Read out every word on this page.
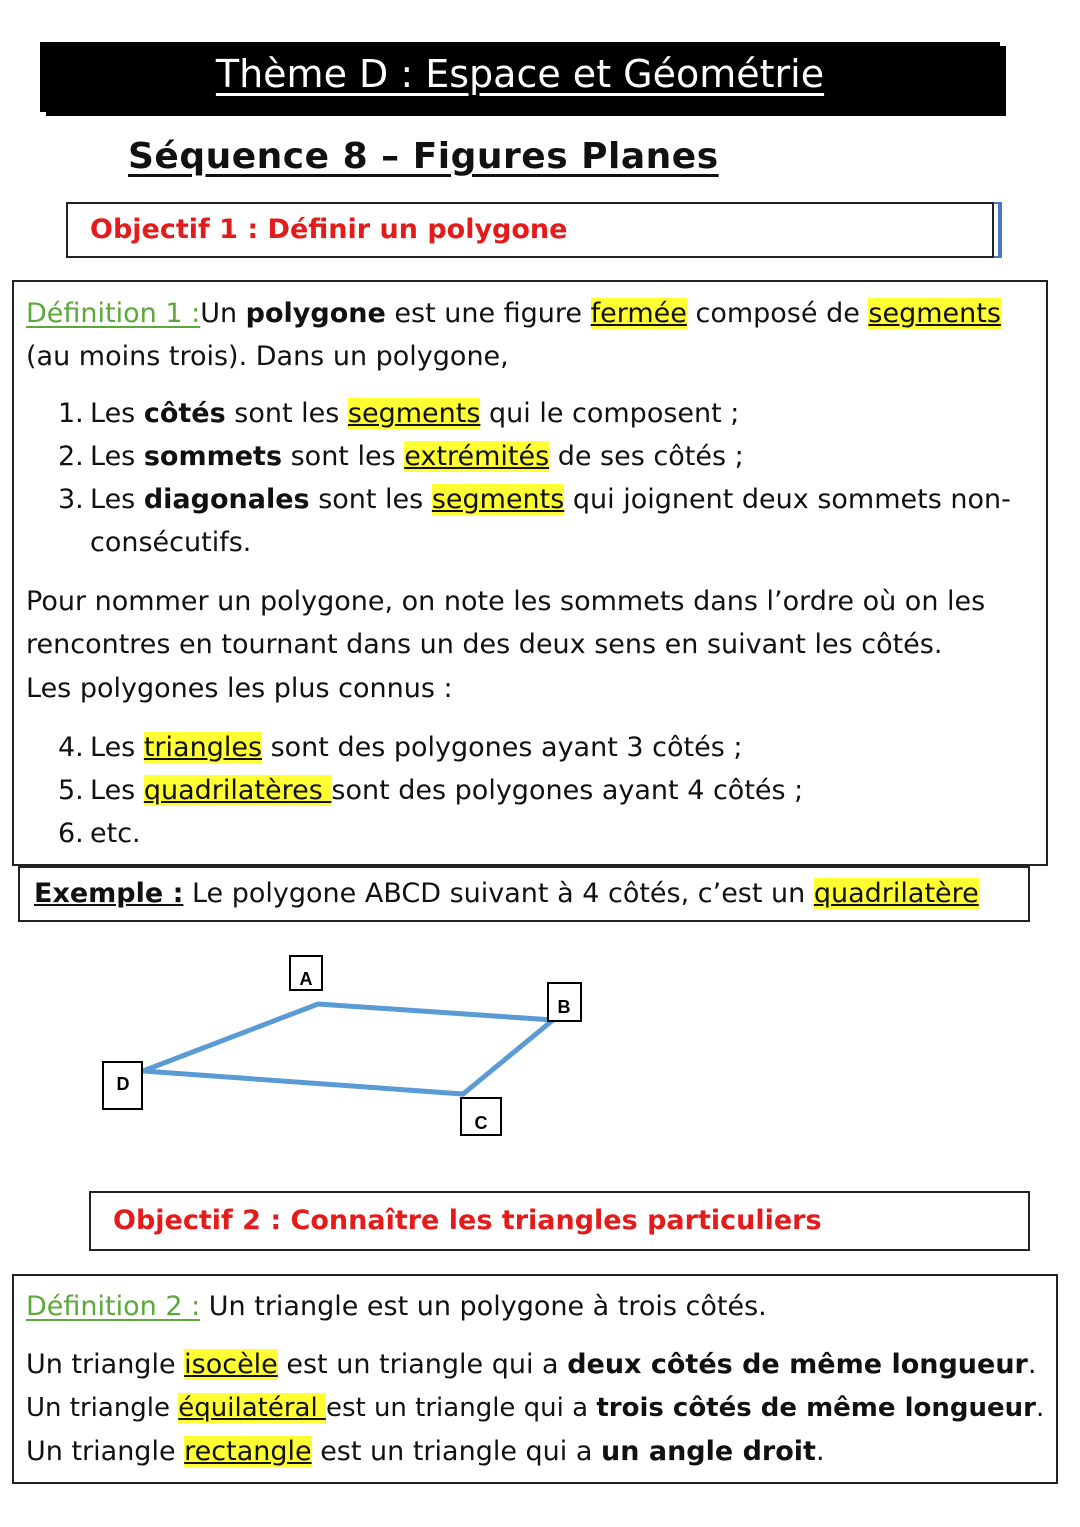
Thème D : Espace et Géométrie
Séquence 8 – Figures Planes
Objectif 1 : Définir un polygone
Définition 1 :Un polygone est une figure fermée composé de segments
(au moins trois). Dans un polygone,
1. Les côtés sont les segments qui le composent ;
2. Les sommets sont les extrémités de ses côtés ;
3. Les diagonales sont les segments qui joignent deux sommets non-
consécutifs.
Pour nommer un polygone, on note les sommets dans l’ordre où on les
rencontres en tournant dans un des deux sens en suivant les côtés.
Les polygones les plus connus :
4. Les triangles sont des polygones ayant 3 côtés ;
5. Les quadrilatères sont des polygones ayant 4 côtés ;
6. etc.
Exemple : Le polygone ABCD suivant à 4 côtés, c’est un quadrilatère
A
B
C
D
Objectif 2 : Connaître les triangles particuliers
Définition 2 : Un triangle est un polygone à trois côtés.
Un triangle isocèle est un triangle qui a deux côtés de même longueur.
Un triangle équilatéral est un triangle qui a trois côtés de même longueur.
Un triangle rectangle est un triangle qui a un angle droit.
